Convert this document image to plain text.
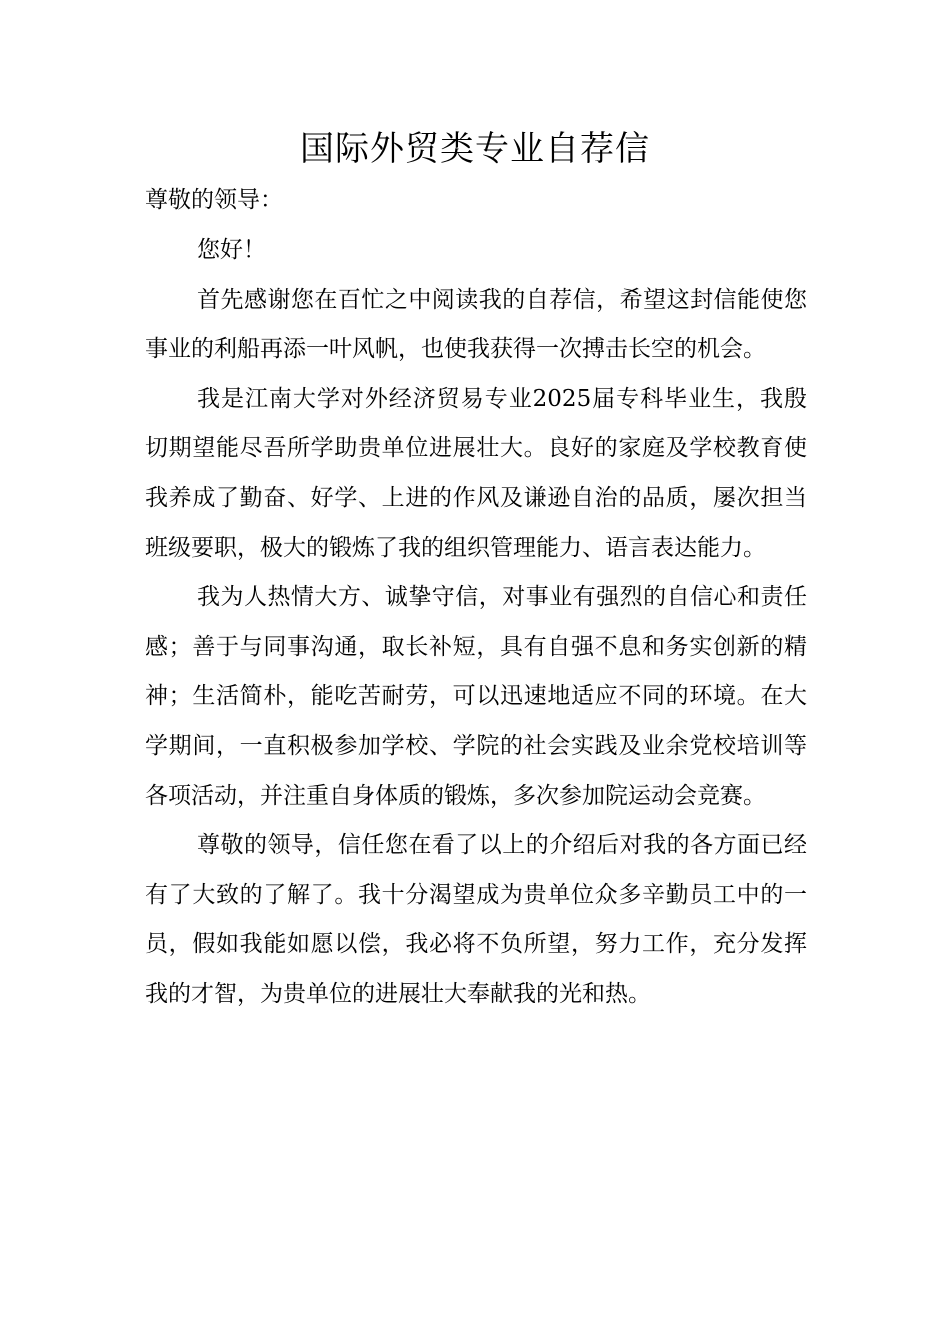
国际外贸类专业自荐信
尊敬的领导：

您好！

首先感谢您在百忙之中阅读我的自荐信，希望这封信能使您事业的利船再添一叶风帆，也使我获得一次搏击长空的机会。

我是江南大学对外经济贸易专业2025届专科毕业生，我殷切期望能尽吾所学助贵单位进展壮大。良好的家庭及学校教育使我养成了勤奋、好学、上进的作风及谦逊自治的品质，屡次担当班级要职，极大的锻炼了我的组织管理能力、语言表达能力。

我为人热情大方、诚挚守信，对事业有强烈的自信心和责任感；善于与同事沟通，取长补短，具有自强不息和务实创新的精神；生活简朴，能吃苦耐劳，可以迅速地适应不同的环境。在大学期间，一直积极参加学校、学院的社会实践及业余党校培训等各项活动，并注重自身体质的锻炼，多次参加院运动会竞赛。

尊敬的领导，信任您在看了以上的介绍后对我的各方面已经有了大致的了解了。我十分渴望成为贵单位众多辛勤员工中的一员，假如我能如愿以偿，我必将不负所望，努力工作，充分发挥我的才智，为贵单位的进展壮大奉献我的光和热。
